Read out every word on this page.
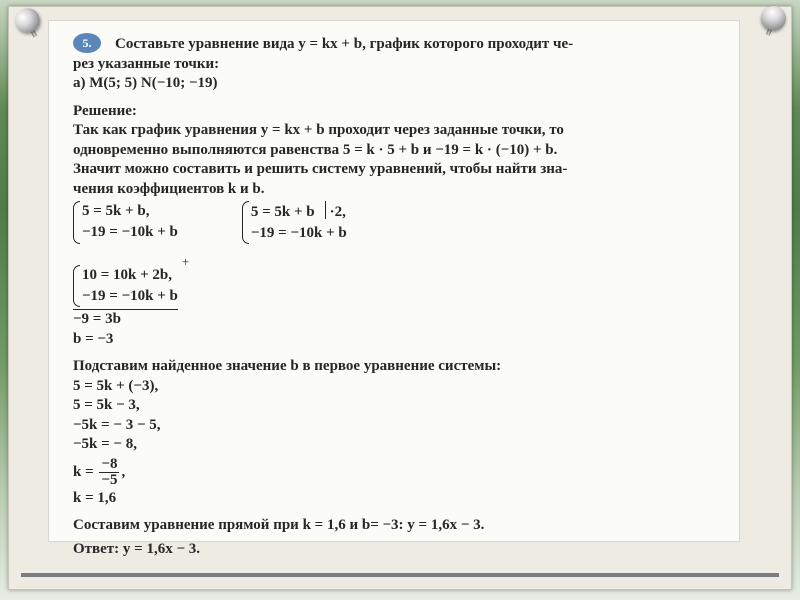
5. Составьте уравнение вида y = kx + b, график которого проходит че-
рез указанные точки:
а) M(5; 5) N(−10; −19)
Решение:
Так как график уравнения y = kx + b проходит через заданные точки, то
одновременно выполняются равенства 5 = k · 5 + b и −19 = k · (−10) + b.
Значит можно составить и решить систему уравнений, чтобы найти зна-
чения коэффициентов k и b.
5 = 5k + b,
−19 = −10k + b
5 = 5k + b ·2,
−19 = −10k + b
10 = 10k + 2b,
−19 = −10k + b
+
−9 = 3b
b = −3
Подставим найденное значение b в первое уравнение системы:
5 = 5k + (−3),
5 = 5k − 3,
−5k = − 3 − 5,
−5k = − 8,
$k = \frac{-8}{-5}$ ,
k = 1,6
Составим уравнение прямой при k = 1,6 и b= −3: y = 1,6x − 3.
Ответ: y = 1,6x − 3.
